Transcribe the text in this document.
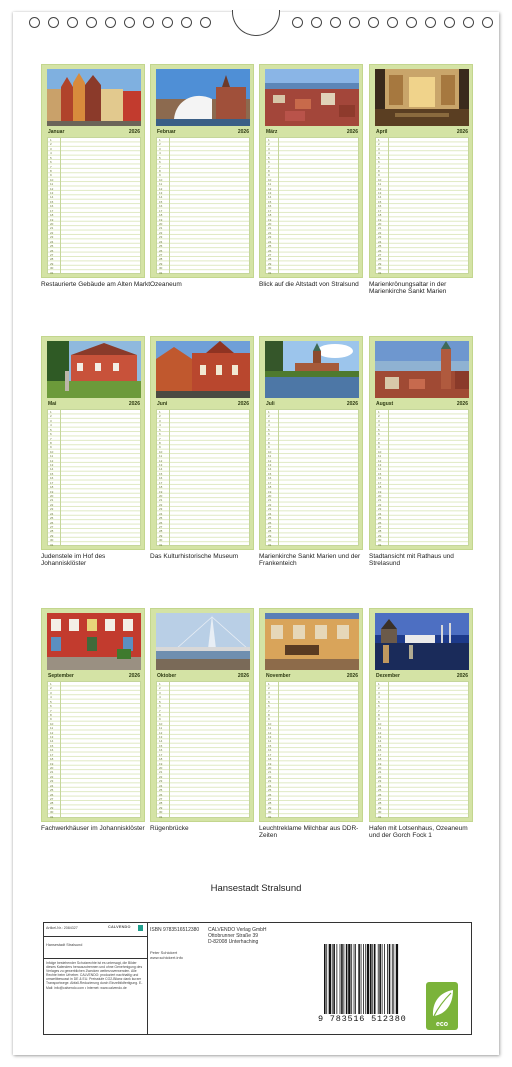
Januar	2026
1
2
3
4
5
6
7
8
9
10
11
12
13
14
15
16
17
18
19
20
21
22
23
24
25
26
27
28
29
30
31
Restaurierte Gebäude am Alten Markt
Februar	2026
1
2
3
4
5
6
7
8
9
10
11
12
13
14
15
16
17
18
19
20
21
22
23
24
25
26
27
28
29
30
31
Ozeaneum
März	2026
1
2
3
4
5
6
7
8
9
10
11
12
13
14
15
16
17
18
19
20
21
22
23
24
25
26
27
28
29
30
31
Blick auf die Altstadt von Stralsund
April	2026
1
2
3
4
5
6
7
8
9
10
11
12
13
14
15
16
17
18
19
20
21
22
23
24
25
26
27
28
29
30
31
Marienkrönungsaltar in der Marienkirche Sankt Marien
Mai	2026
1
2
3
4
5
6
7
8
9
10
11
12
13
14
15
16
17
18
19
20
21
22
23
24
25
26
27
28
29
30
31
Judenstele im Hof des Johannisklöster
Juni	2026
1
2
3
4
5
6
7
8
9
10
11
12
13
14
15
16
17
18
19
20
21
22
23
24
25
26
27
28
29
30
31
Das Kulturhistorische Museum
Juli	2026
1
2
3
4
5
6
7
8
9
10
11
12
13
14
15
16
17
18
19
20
21
22
23
24
25
26
27
28
29
30
31
Marienkirche Sankt Marien und der Frankenteich
August	2026
1
2
3
4
5
6
7
8
9
10
11
12
13
14
15
16
17
18
19
20
21
22
23
24
25
26
27
28
29
30
31
Stadtansicht mit Rathaus und Strelasund
September	2026
1
2
3
4
5
6
7
8
9
10
11
12
13
14
15
16
17
18
19
20
21
22
23
24
25
26
27
28
29
30
31
Fachwerkhäuser im Johannisklöster
Oktober	2026
1
2
3
4
5
6
7
8
9
10
11
12
13
14
15
16
17
18
19
20
21
22
23
24
25
26
27
28
29
30
31
Rügenbrücke
November	2026
1
2
3
4
5
6
7
8
9
10
11
12
13
14
15
16
17
18
19
20
21
22
23
24
25
26
27
28
29
30
31
Leuchtreklame Milchbar aus DDR-Zeiten
Dezember	2026
1
2
3
4
5
6
7
8
9
10
11
12
13
14
15
16
17
18
19
20
21
22
23
24
25
26
27
28
29
30
31
Hafen mit Lotsenhaus, Ozeaneum und der Gorch Fock 1
Hansestadt Stralsund
Artikel-Nr.: 2084327	CALVENDO
Hansestadt Stralsund
Infolge bestehender Schutzrechte ist es untersagt, die Bilder dieses Kalenders herauszutrennen und ohne Genehmigung des Verlages zu gewerblichen Zwecken weiterzuverwenden. Alle Rechte beim Urheber. CALVENDO: produziert nachhaltig und umweltbewusst in DE & EU. Preisstufe CO2-Bilanz dank kurzer Transportwege. Abfall-Reduzierung durch Einzelbildfertigung. E-Mail: info@calvendo.com • Internet: www.calvendo.de
ISBN 9783516512380
Peter Schickert
www.schickert.info
CALVENDO Verlag GmbH
Ottobrunner Straße 39
D-82008 Unterhaching
9 783516 512380
eco
